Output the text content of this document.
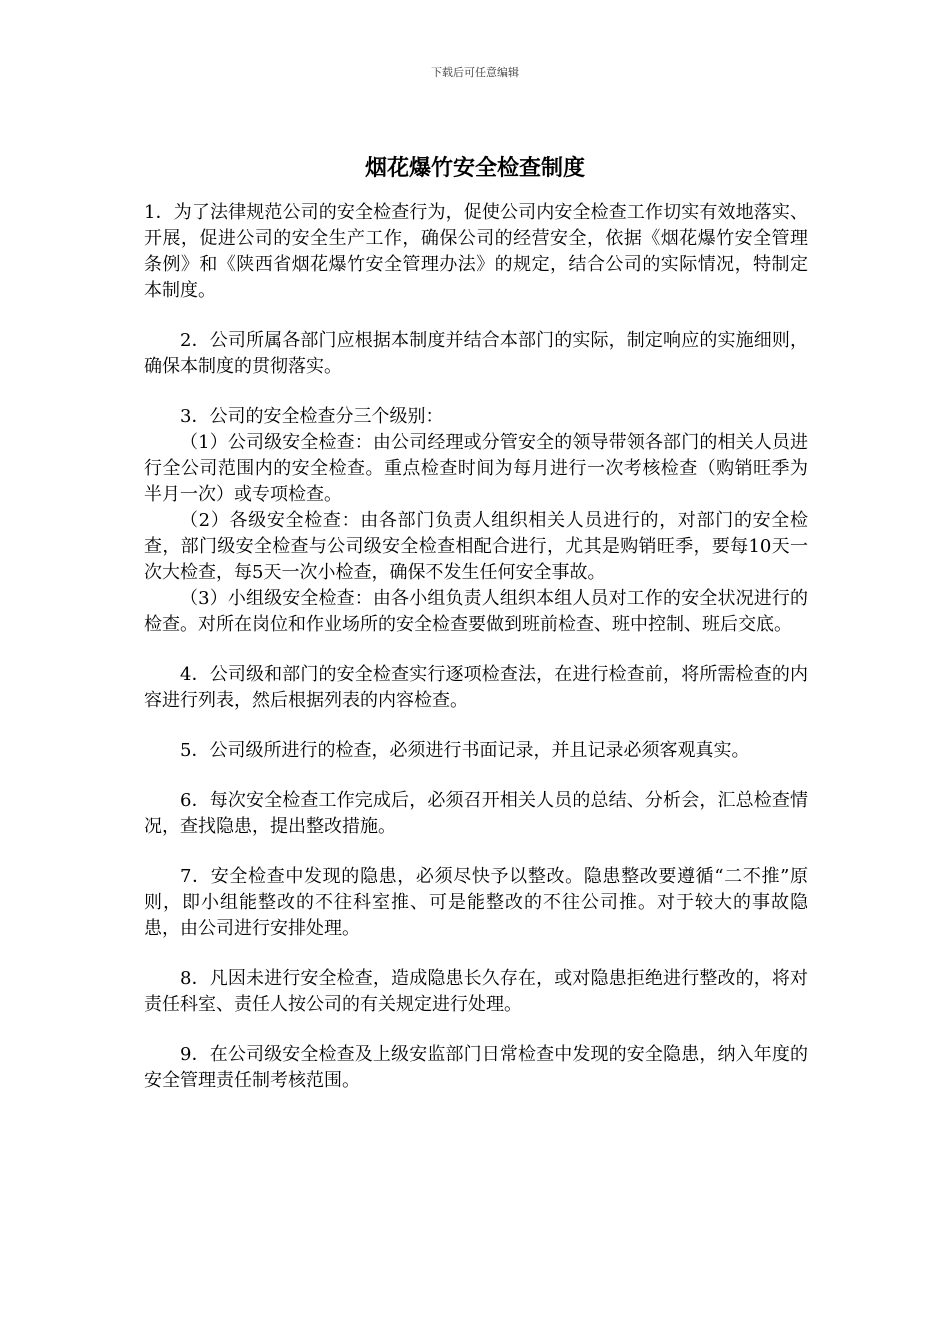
下载后可任意编辑
烟花爆竹安全检查制度

1．为了法律规范公司的安全检查行为，促使公司内安全检查工作切实有效地落实、开展，促进公司的安全生产工作，确保公司的经营安全，依据《烟花爆竹安全管理条例》和《陕西省烟花爆竹安全管理办法》的规定，结合公司的实际情况，特制定本制度。

2．公司所属各部门应根据本制度并结合本部门的实际，制定响应的实施细则，确保本制度的贯彻落实。

3．公司的安全检查分三个级别：

（1）公司级安全检查：由公司经理或分管安全的领导带领各部门的相关人员进行全公司范围内的安全检查。重点检查时间为每月进行一次考核检查（购销旺季为半月一次）或专项检查。

（2）各级安全检查：由各部门负责人组织相关人员进行的，对部门的安全检查，部门级安全检查与公司级安全检查相配合进行，尤其是购销旺季，要每10天一次大检查，每5天一次小检查，确保不发生任何安全事故。

（3）小组级安全检查：由各小组负责人组织本组人员对工作的安全状况进行的检查。对所在岗位和作业场所的安全检查要做到班前检查、班中控制、班后交底。

4．公司级和部门的安全检查实行逐项检查法，在进行检查前，将所需检查的内容进行列表，然后根据列表的内容检查。

5．公司级所进行的检查，必须进行书面记录，并且记录必须客观真实。

6．每次安全检查工作完成后，必须召开相关人员的总结、分析会，汇总检查情况，查找隐患，提出整改措施。

7．安全检查中发现的隐患，必须尽快予以整改。隐患整改要遵循“二不推”原则，即小组能整改的不往科室推、可是能整改的不往公司推。对于较大的事故隐患，由公司进行安排处理。

8．凡因未进行安全检查，造成隐患长久存在，或对隐患拒绝进行整改的，将对责任科室、责任人按公司的有关规定进行处理。

9．在公司级安全检查及上级安监部门日常检查中发现的安全隐患，纳入年度的安全管理责任制考核范围。
